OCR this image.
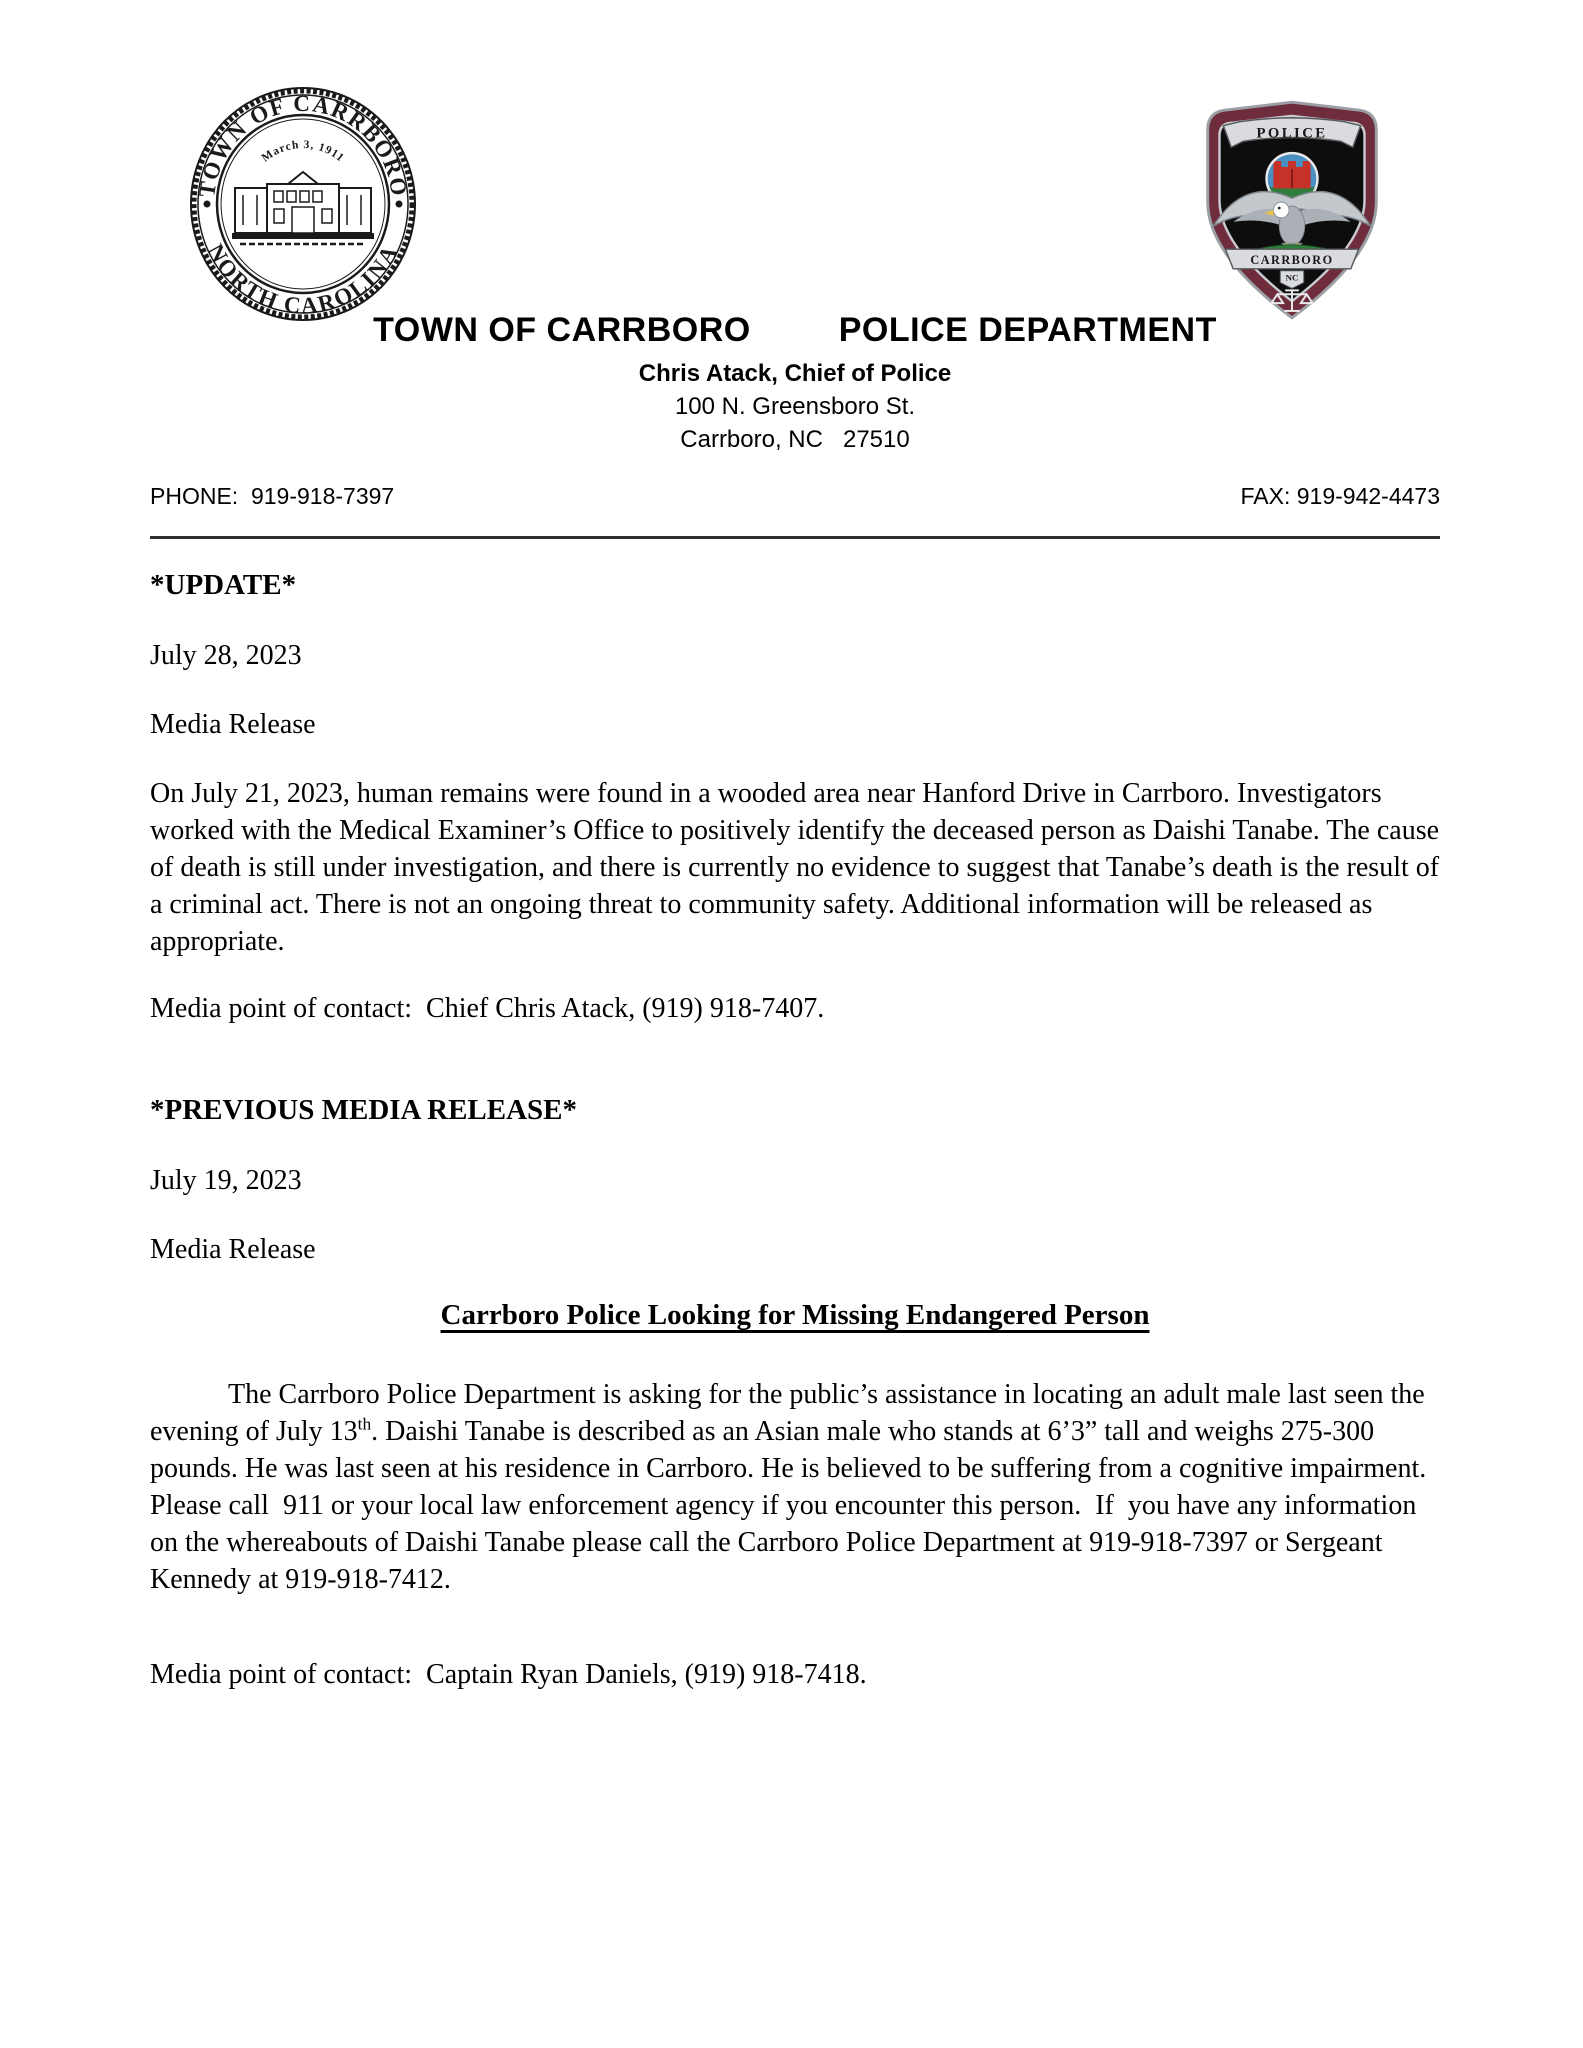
TOWN OF CARRBORO
NORTH CAROLINA
March 3, 1911
POLICE
CARRBORO
NC
TOWN OF CARRBORO	POLICE DEPARTMENT
Chris Atack, Chief of Police
100 N. Greensboro St.
Carrboro, NC   27510
PHONE:  919-918-7397	FAX: 919-942-4473
*UPDATE*
July 28, 2023
Media Release

On July 21, 2023, human remains were found in a wooded area near Hanford Drive in Carrboro. Investigators worked with the Medical Examiner’s Office to positively identify the deceased person as Daishi Tanabe. The cause of death is still under investigation, and there is currently no evidence to suggest that Tanabe’s death is the result of a criminal act. There is not an ongoing threat to community safety. Additional information will be released as appropriate.

Media point of contact:  Chief Chris Atack, (919) 918-7407.
*PREVIOUS MEDIA RELEASE*
July 19, 2023
Media Release
Carrboro Police Looking for Missing Endangered Person

The Carrboro Police Department is asking for the public’s assistance in locating an adult male last seen the evening of July 13th. Daishi Tanabe is described as an Asian male who stands at 6’3” tall and weighs 275-300 pounds. He was last seen at his residence in Carrboro. He is believed to be suffering from a cognitive impairment. Please call  911 or your local law enforcement agency if you encounter this person.  If  you have any information on the whereabouts of Daishi Tanabe please call the Carrboro Police Department at 919-918-7397 or Sergeant Kennedy at 919-918-7412.

Media point of contact:  Captain Ryan Daniels, (919) 918-7418.
